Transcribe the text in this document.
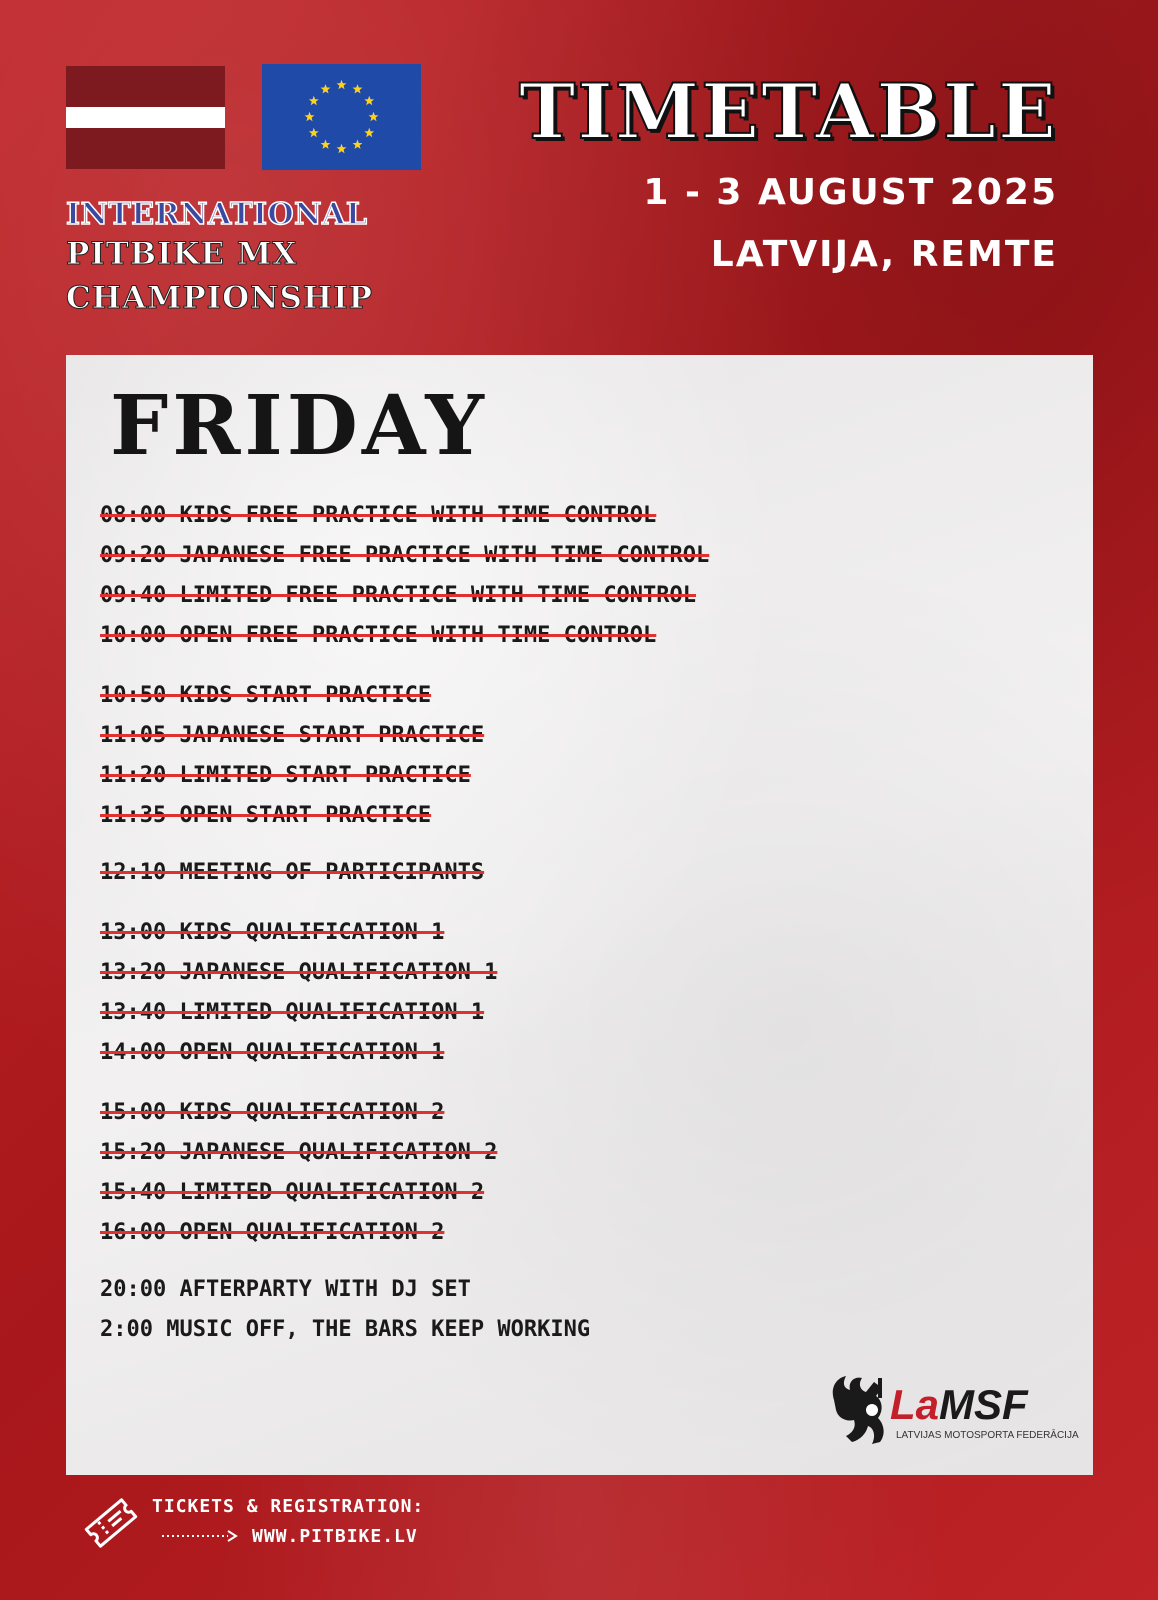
INTERNATIONAL
PITBIKE MX
CHAMPIONSHIP
TIMETABLE
1 - 3 AUGUST 2025
LATVIJA, REMTE
FRIDAY
08:00 KIDS FREE PRACTICE WITH TIME CONTROL
09:20 JAPANESE FREE PRACTICE WITH TIME CONTROL
09:40 LIMITED FREE PRACTICE WITH TIME CONTROL
10:00 OPEN FREE PRACTICE WITH TIME CONTROL
10:50 KIDS START PRACTICE
11:05 JAPANESE START PRACTICE
11:20 LIMITED START PRACTICE
11:35 OPEN START PRACTICE
12:10 MEETING OF PARTICIPANTS
13:00 KIDS QUALIFICATION 1
13:20 JAPANESE QUALIFICATION 1
13:40 LIMITED QUALIFICATION 1
14:00 OPEN QUALIFICATION 1
15:00 KIDS QUALIFICATION 2
15:20 JAPANESE QUALIFICATION 2
15:40 LIMITED QUALIFICATION 2
16:00 OPEN QUALIFICATION 2
20:00 AFTERPARTY WITH DJ SET
2:00 MUSIC OFF, THE BARS KEEP WORKING
LaMSF
LATVIJAS MOTOSPORTA FEDERĀCIJA
TICKETS & REGISTRATION:
WWW.PITBIKE.LV
